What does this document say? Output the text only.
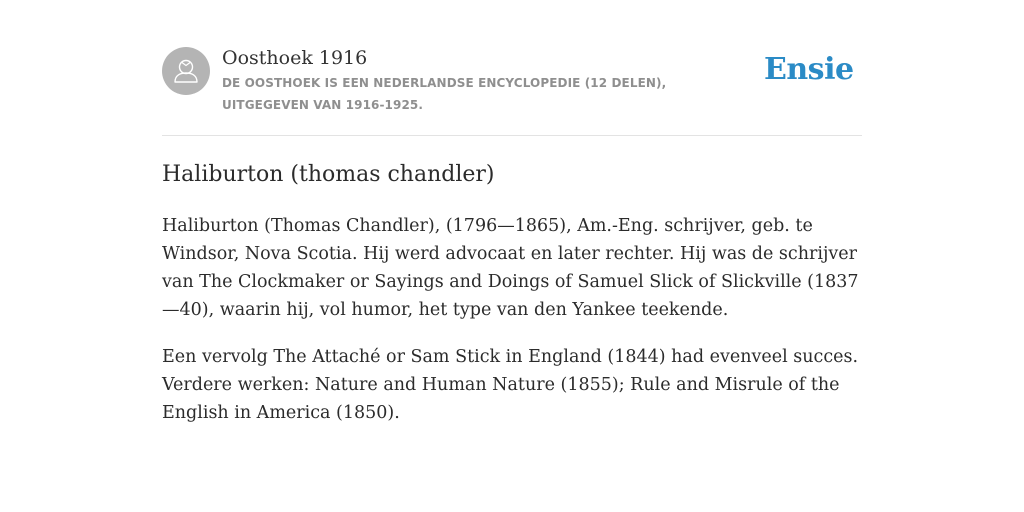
Oosthoek 1916
DE OOSTHOEK IS EEN NEDERLANDSE ENCYCLOPEDIE (12 DELEN), UITGEGEVEN VAN 1916-1925.
Ensie
Haliburton (thomas chandler)

Haliburton (Thomas Chandler), (1796—1865), Am.-Eng. schrijver, geb. te Windsor, Nova Scotia. Hij werd advocaat en later rechter. Hij was de schrijver van The Clockmaker or Sayings and Doings of Samuel Slick of Slickville (1837—40), waarin hij, vol humor, het type van den Yankee teekende.

Een vervolg The Attaché or Sam Stick in England (1844) had evenveel succes. Verdere werken: Nature and Human Nature (1855); Rule and Misrule of the English in America (1850).
